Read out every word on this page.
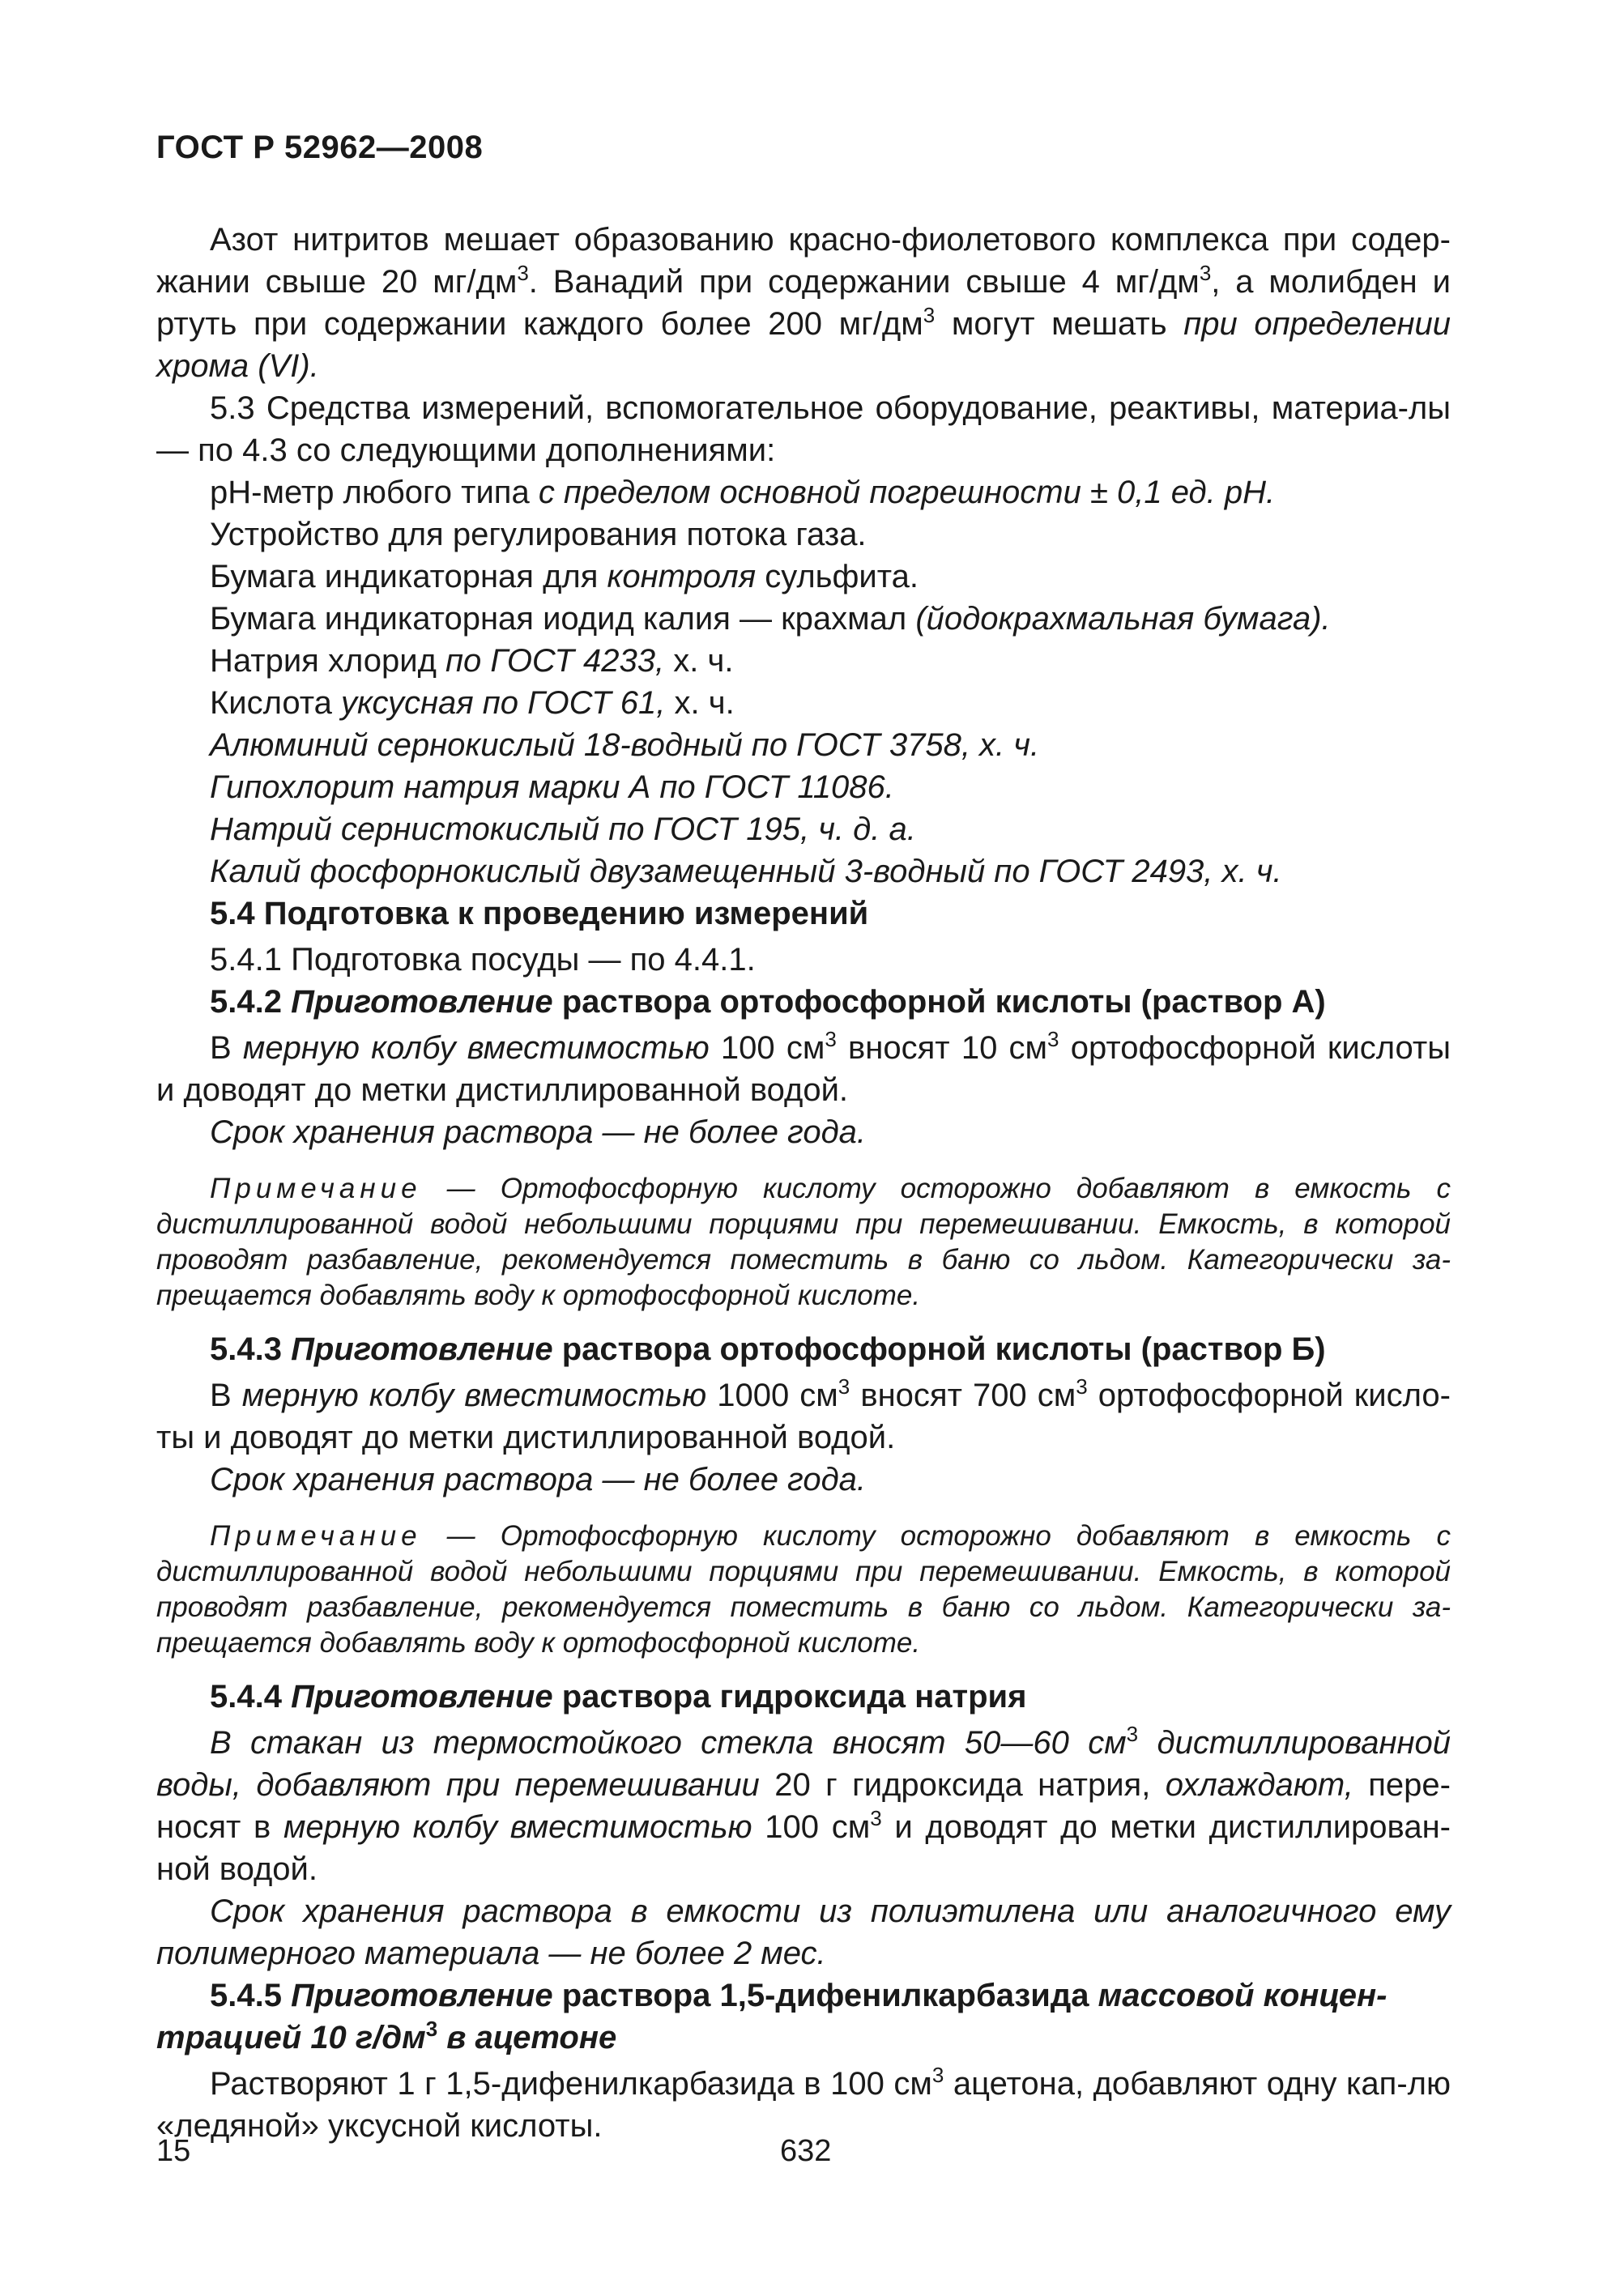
ГОСТ Р 52962—2008

Азот нитритов мешает образованию красно-фиолетового комплекса при содер-жании свыше 20 $мг/дм^3$. Ванадий при содержании свыше 4 $мг/дм^3$, а молибден и ртуть при содержании каждого более 200 $мг/дм^3$ могут мешать при определении хрома (VI).

5.3 Средства измерений, вспомогательное оборудование, реактивы, материа-лы — по 4.3 со следующими дополнениями:

рН-метр любого типа с пределом основной погрешности ± 0,1 ед. рН.

Устройство для регулирования потока газа.

Бумага индикаторная для контроля сульфита.

Бумага индикаторная иодид калия — крахмал (йодокрахмальная бумага).

Натрия хлорид по ГОСТ 4233, х. ч.

Кислота уксусная по ГОСТ 61, х. ч.

Алюминий сернокислый 18-водный по ГОСТ 3758, х. ч.

Гипохлорит натрия марки А по ГОСТ 11086.

Натрий сернистокислый по ГОСТ 195, ч. д. а.

Калий фосфорнокислый двузамещенный 3-водный по ГОСТ 2493, х. ч.

5.4 Подготовка к проведению измерений

5.4.1 Подготовка посуды — по 4.4.1.

5.4.2 Приготовление раствора ортофосфорной кислоты (раствор А)

В мерную колбу вместимостью 100 $см^3$ вносят 10 $см^3$ ортофосфорной кислоты и доводят до метки дистиллированной водой.

Срок хранения раствора — не более года.

Примечание — Ортофосфорную кислоту осторожно добавляют в емкость с дистиллированной водой небольшими порциями при перемешивании. Емкость, в которой проводят разбавление, рекомендуется поместить в баню со льдом. Категорически за-прещается добавлять воду к ортофосфорной кислоте.

5.4.3 Приготовление раствора ортофосфорной кислоты (раствор Б)

В мерную колбу вместимостью 1000 $см^3$ вносят 700 $см^3$ ортофосфорной кисло-ты и доводят до метки дистиллированной водой.

Срок хранения раствора — не более года.

Примечание — Ортофосфорную кислоту осторожно добавляют в емкость с дистиллированной водой небольшими порциями при перемешивании. Емкость, в которой проводят разбавление, рекомендуется поместить в баню со льдом. Категорически за-прещается добавлять воду к ортофосфорной кислоте.

5.4.4 Приготовление раствора гидроксида натрия

В стакан из термостойкого стекла вносят 50—60 $см^3$ дистиллированной воды, добавляют при перемешивании 20 г гидроксида натрия, охлаждают, пере-носят в мерную колбу вместимостью 100 $см^3$ и доводят до метки дистиллирован-ной водой.

Срок хранения раствора в емкости из полиэтилена или аналогичного ему полимерного материала — не более 2 мес.

5.4.5 Приготовление раствора 1,5-дифенилкарбазида массовой концен-трацией 10 $г/дм^3$ в ацетоне

Растворяют 1 г 1,5-дифенилкарбазида в 100 $см^3$ ацетона, добавляют одну кап-лю «ледяной» уксусной кислоты.

15	632
